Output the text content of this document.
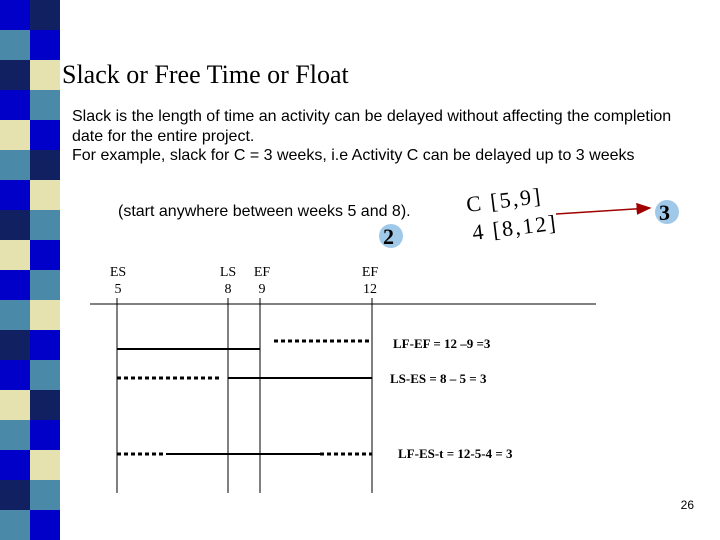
Slack or Free Time or Float

Slack is the length of time an activity can be delayed without affecting the completion date for the entire project.

For example, slack for C = 3 weeks, i.e Activity C can be delayed up to 3 weeks

(start anywhere between weeks 5 and 8).
2
3
C [5,9]
4 [8,12]
ES
5
LS
8
EF
9
EF
12
LF-EF = 12 –9 =3
LS-ES = 8 – 5 = 3
LF-ES-t = 12-5-4 = 3
26
